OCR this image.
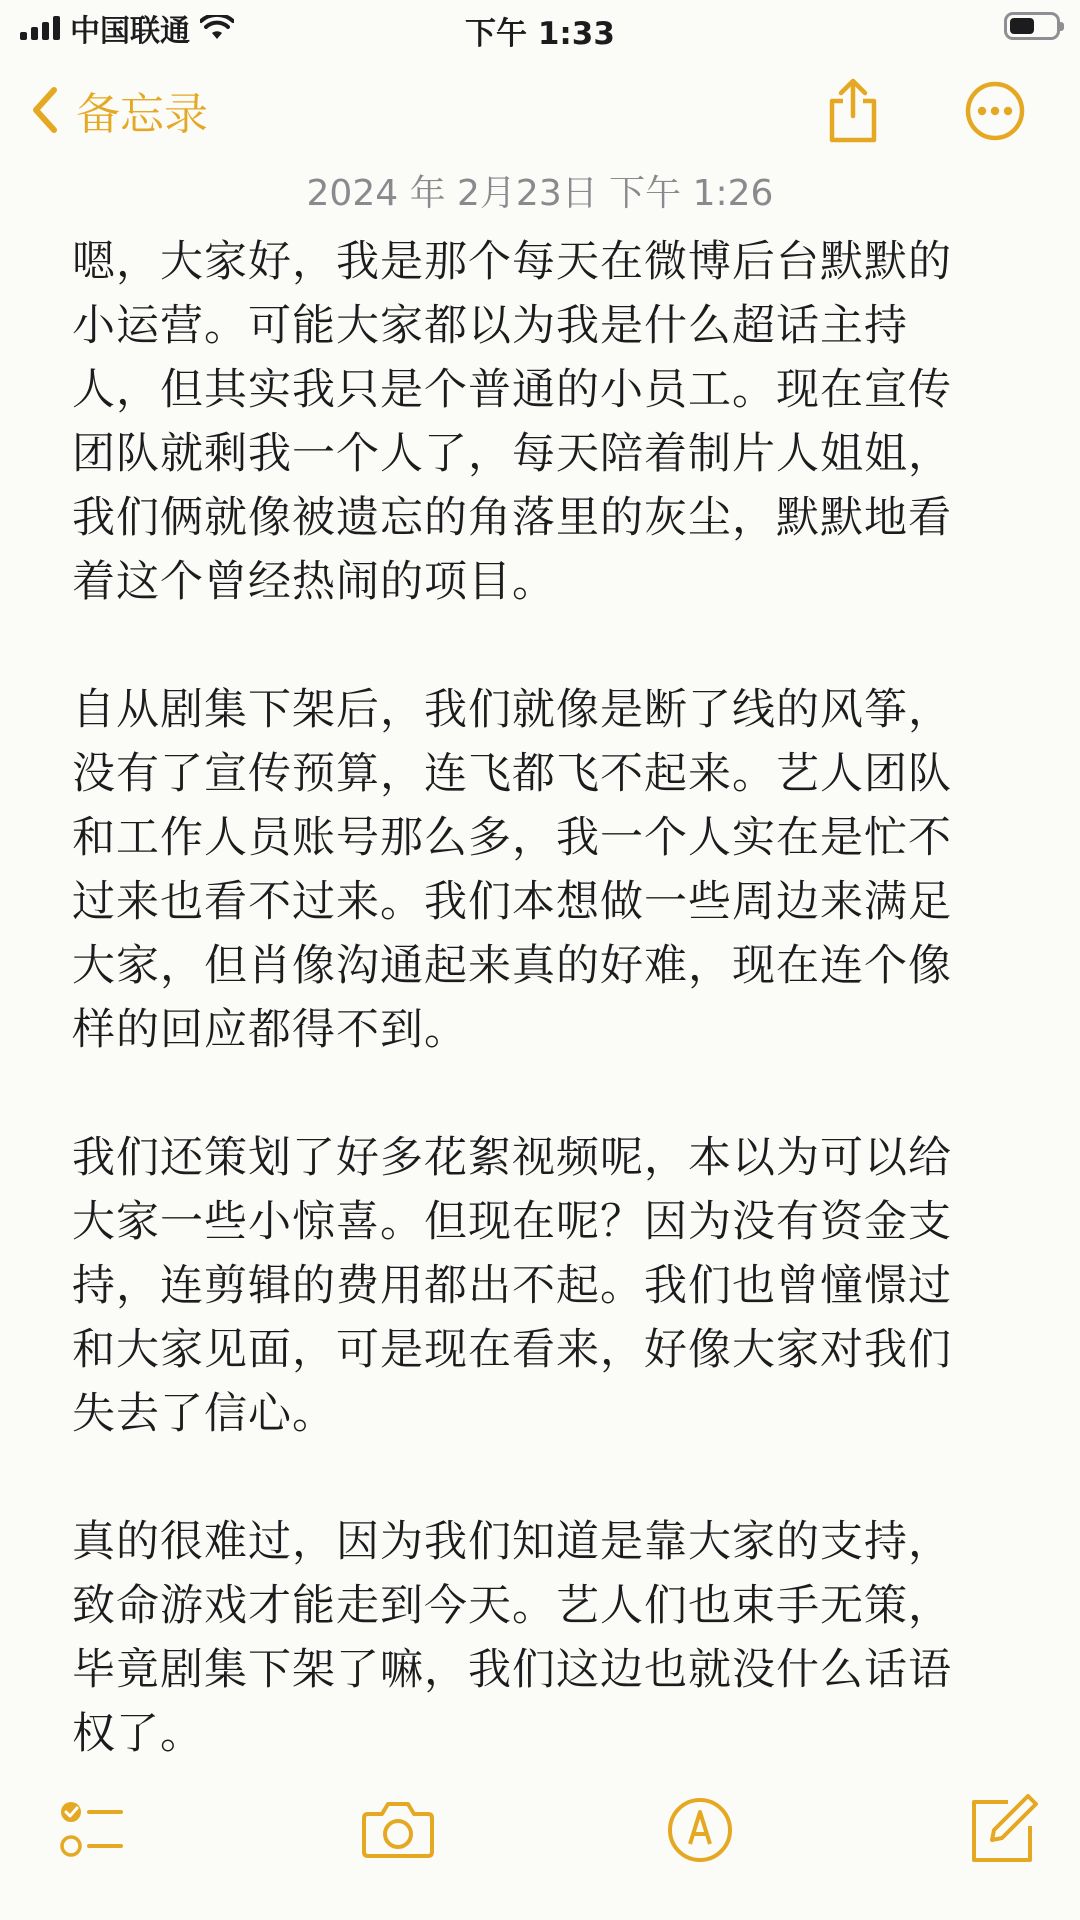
中国联通	下午 1:33
备忘录
2024 年 2月23日 下午 1:26

嗯，大家好，我是那个每天在微博后台默默的小运营。可能大家都以为我是什么超话主持人，但其实我只是个普通的小员工。现在宣传团队就剩我一个人了，每天陪着制片人姐姐，我们俩就像被遗忘的角落里的灰尘，默默地看着这个曾经热闹的项目。

自从剧集下架后，我们就像是断了线的风筝，没有了宣传预算，连飞都飞不起来。艺人团队和工作人员账号那么多，我一个人实在是忙不过来也看不过来。我们本想做一些周边来满足大家，但肖像沟通起来真的好难，现在连个像样的回应都得不到。

我们还策划了好多花絮视频呢，本以为可以给大家一些小惊喜。但现在呢？因为没有资金支持，连剪辑的费用都出不起。我们也曾憧憬过和大家见面，可是现在看来，好像大家对我们失去了信心。

真的很难过，因为我们知道是靠大家的支持，致命游戏才能走到今天。艺人们也束手无策，毕竟剧集下架了嘛，我们这边也就没什么话语权了。
